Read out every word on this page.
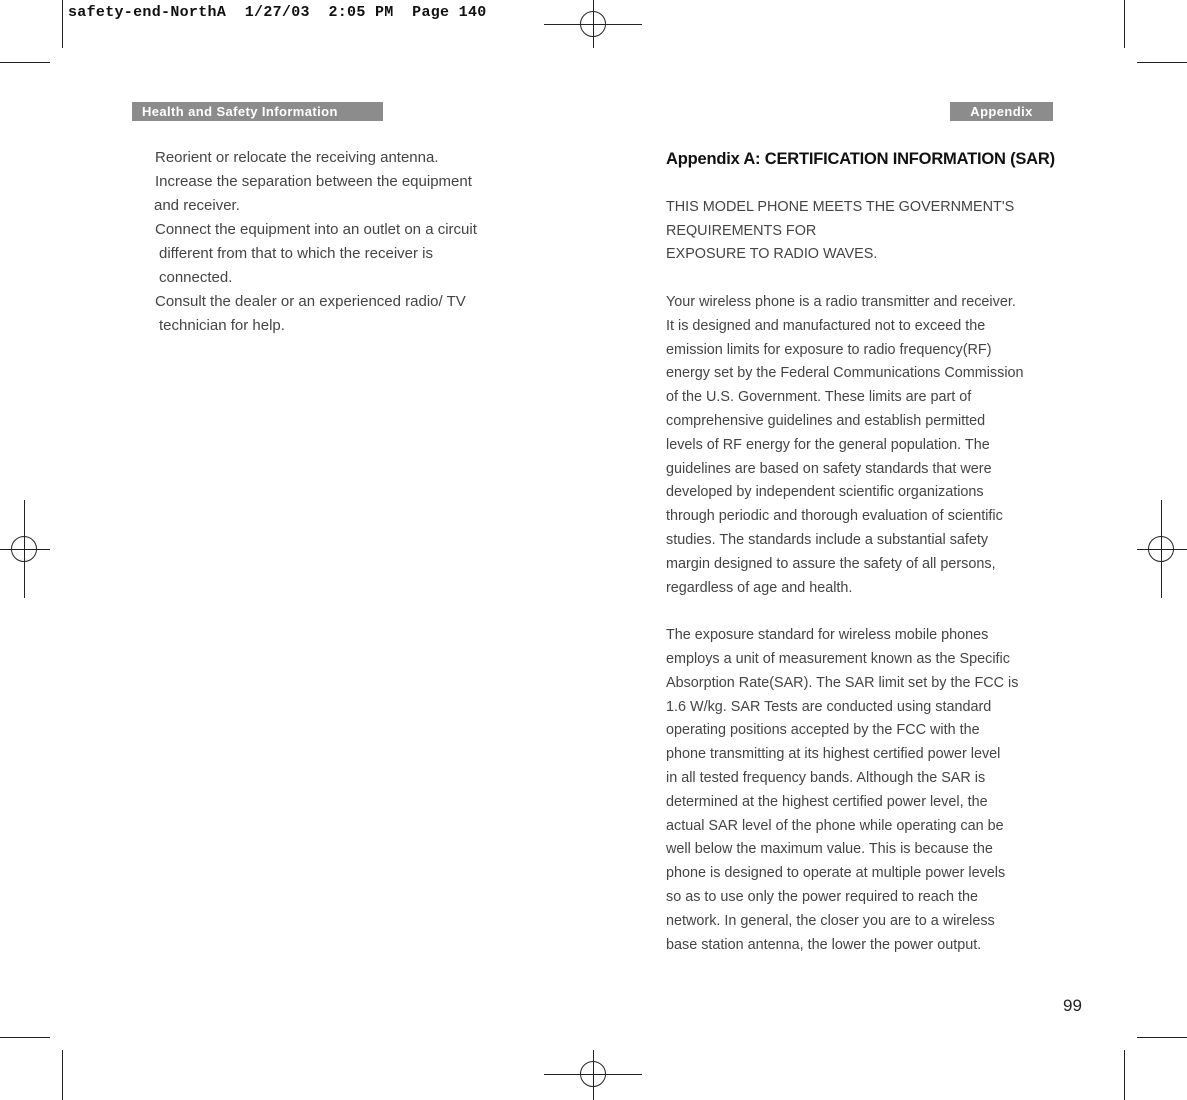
safety-end-NorthA  1/27/03  2:05 PM  Page 140
Health and Safety Information	Appendix
Reorient or relocate the receiving antenna.
Increase the separation between the equipment
and receiver.
Connect the equipment into an outlet on a circuit
different from that to which the receiver is
connected.
Consult the dealer or an experienced radio/ TV
technician for help.
Appendix A: CERTIFICATION INFORMATION (SAR)

THIS MODEL PHONE MEETS THE GOVERNMENT'S
REQUIREMENTS FOR
EXPOSURE TO RADIO WAVES.

Your wireless phone is a radio transmitter and receiver.
It is designed and manufactured not to exceed the
emission limits for exposure to radio frequency(RF)
energy set by the Federal Communications Commission
of the U.S. Government. These limits are part of
comprehensive guidelines and establish permitted
levels of RF energy for the general population. The
guidelines are based on safety standards that were
developed by independent scientific organizations
through periodic and thorough evaluation of scientific
studies. The standards include a substantial safety
margin designed to assure the safety of all persons,
regardless of age and health.

The exposure standard for wireless mobile phones
employs a unit of measurement known as the Specific
Absorption Rate(SAR). The SAR limit set by the FCC is
1.6 W/kg. SAR Tests are conducted using standard
operating positions accepted by the FCC with the
phone transmitting at its highest certified power level
in all tested frequency bands. Although the SAR is
determined at the highest certified power level, the
actual SAR level of the phone while operating can be
well below the maximum value. This is because the
phone is designed to operate at multiple power levels
so as to use only the power required to reach the
network. In general, the closer you are to a wireless
base station antenna, the lower the power output.

99
